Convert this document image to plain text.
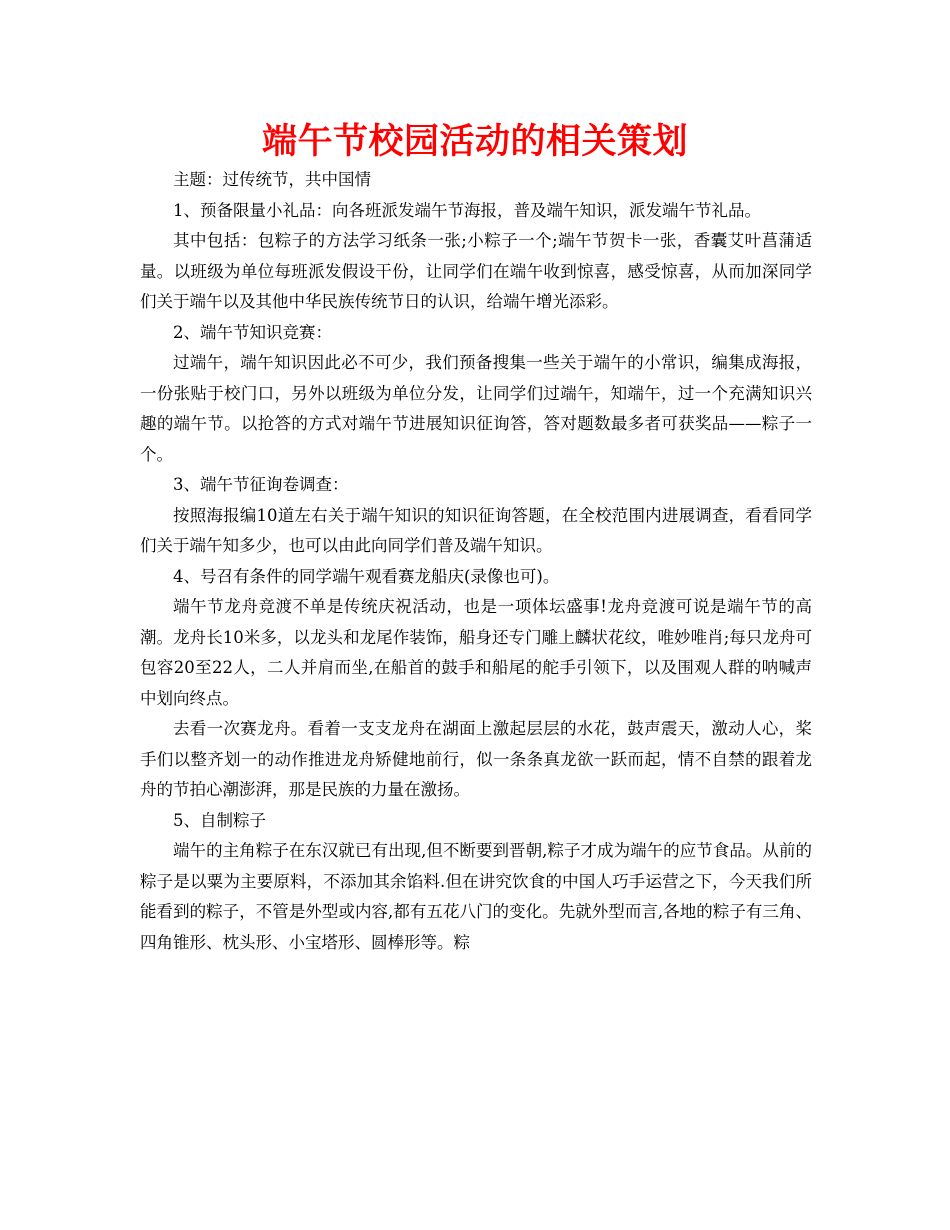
端午节校园活动的相关策划

主题：过传统节，共中国情

1、预备限量小礼品：向各班派发端午节海报，普及端午知识，派发端午节礼品。

其中包括：包粽子的方法学习纸条一张;小粽子一个;端午节贺卡一张，香囊艾叶菖蒲适量。以班级为单位每班派发假设干份，让同学们在端午收到惊喜，感受惊喜，从而加深同学们关于端午以及其他中华民族传统节日的认识，给端午增光添彩。

2、端午节知识竞赛：

过端午，端午知识因此必不可少，我们预备搜集一些关于端午的小常识，编集成海报，一份张贴于校门口，另外以班级为单位分发，让同学们过端午，知端午，过一个充满知识兴趣的端午节。以抢答的方式对端午节进展知识征询答，答对题数最多者可获奖品——粽子一个。

3、端午节征询卷调查：

按照海报编10道左右关于端午知识的知识征询答题，在全校范围内进展调查，看看同学们关于端午知多少，也可以由此向同学们普及端午知识。

4、号召有条件的同学端午观看赛龙船庆(录像也可)。

端午节龙舟竞渡不单是传统庆祝活动，也是一项体坛盛事!龙舟竞渡可说是端午节的高潮。龙舟长10米多，以龙头和龙尾作装饰，船身还专门雕上麟状花纹，唯妙唯肖;每只龙舟可包容20至22人，二人并肩而坐,在船首的鼓手和船尾的舵手引领下，以及围观人群的呐喊声中划向终点。

去看一次赛龙舟。看着一支支龙舟在湖面上激起层层的水花，鼓声震天，激动人心，桨手们以整齐划一的动作推进龙舟矫健地前行，似一条条真龙欲一跃而起，情不自禁的跟着龙舟的节拍心潮澎湃，那是民族的力量在激扬。

5、自制粽子

端午的主角粽子在东汉就已有出现,但不断要到晋朝,粽子才成为端午的应节食品。从前的粽子是以粟为主要原料，不添加其余馅料.但在讲究饮食的中国人巧手运营之下，今天我们所能看到的粽子，不管是外型或内容,都有五花八门的变化。先就外型而言,各地的粽子有三角、四角锥形、枕头形、小宝塔形、圆棒形等。粽
